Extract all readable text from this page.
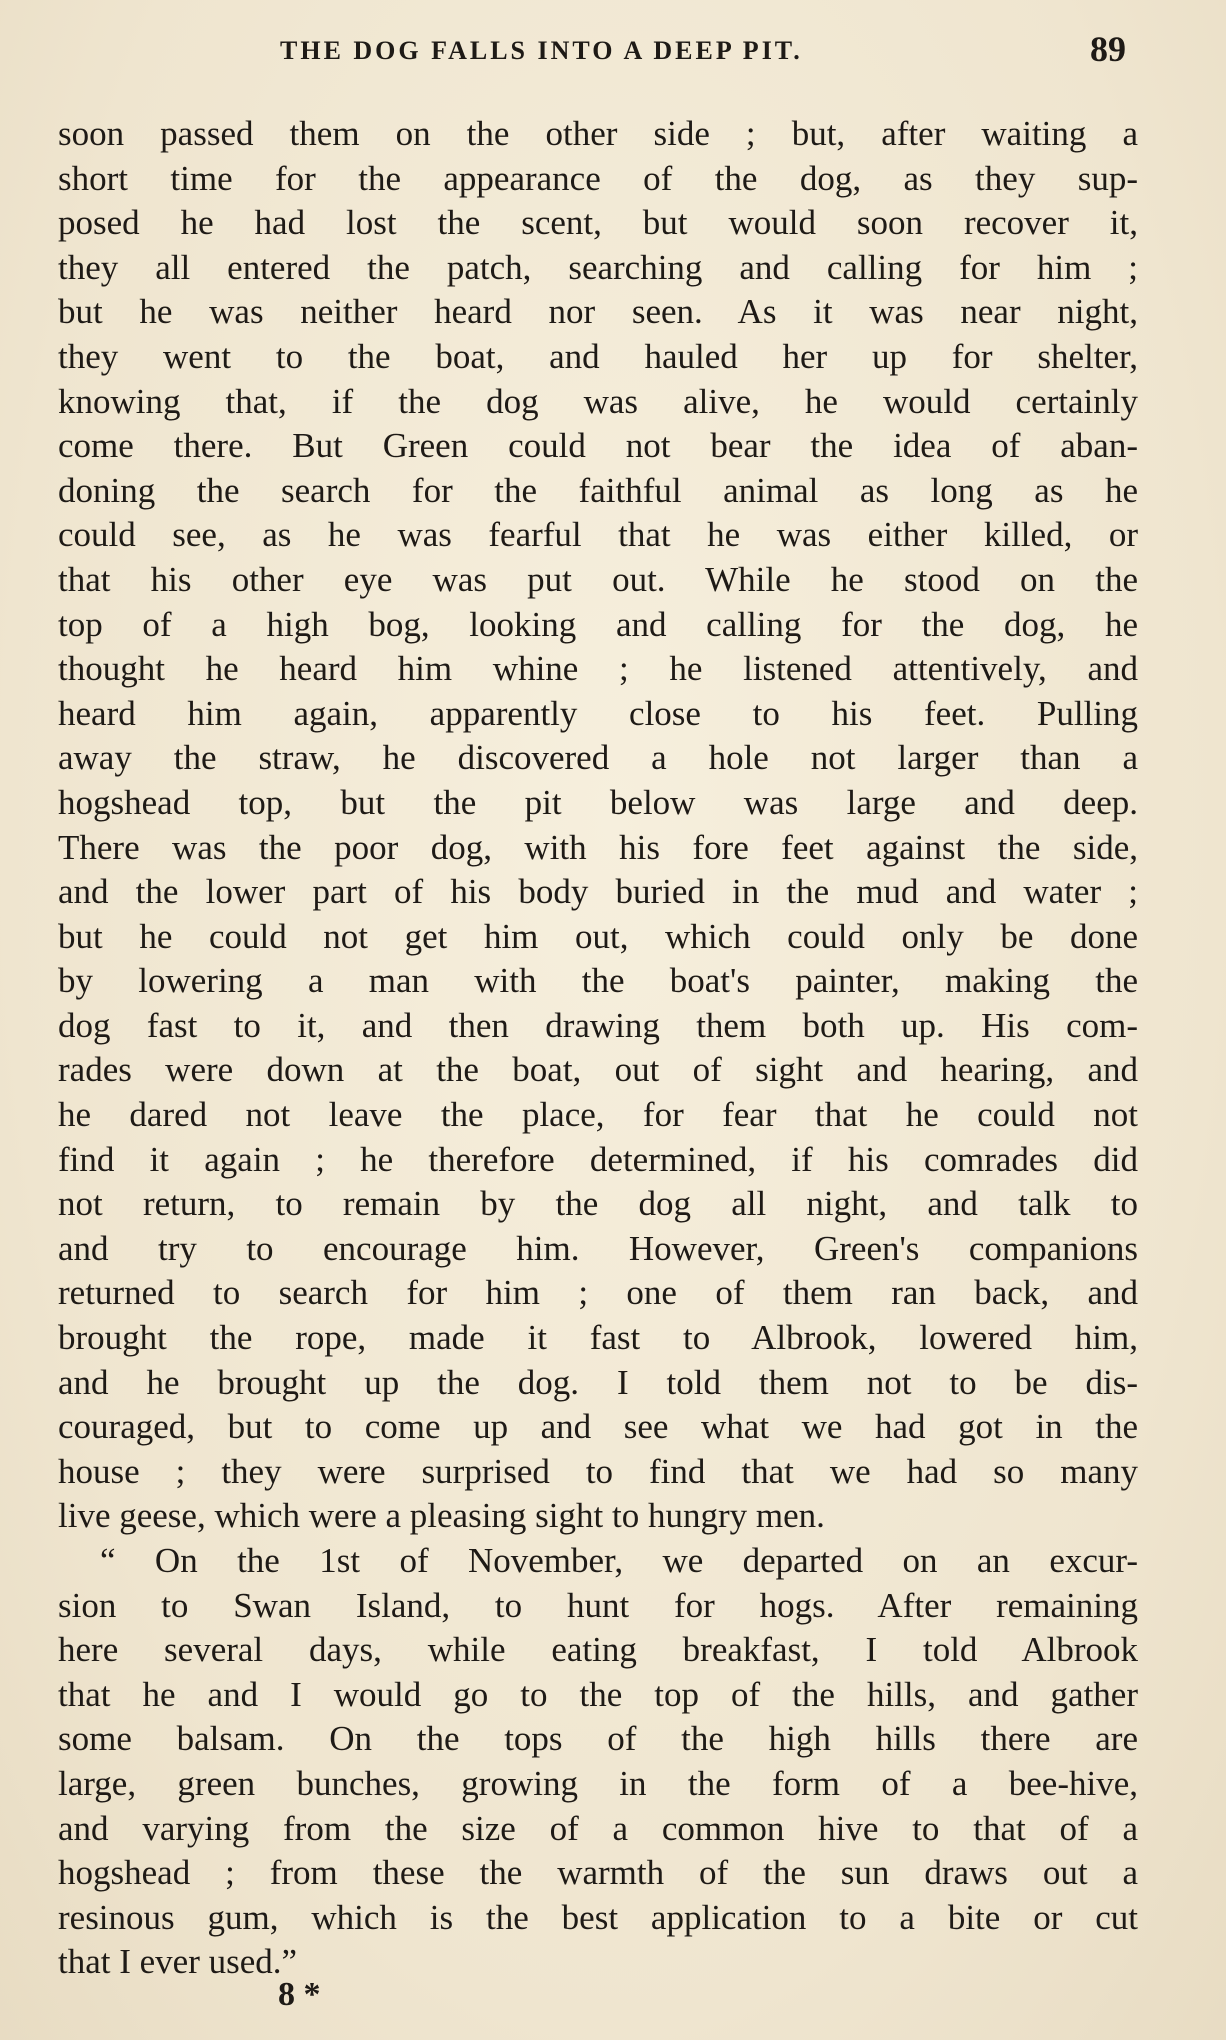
THE DOG FALLS INTO A DEEP PIT.	89
soon passed them on the other side ; but, after waiting a
short time for the appearance of the dog, as they sup-
posed he had lost the scent, but would soon recover it,
they all entered the patch, searching and calling for him ;
but he was neither heard nor seen. As it was near night,
they went to the boat, and hauled her up for shelter,
knowing that, if the dog was alive, he would certainly
come there. But Green could not bear the idea of aban-
doning the search for the faithful animal as long as he
could see, as he was fearful that he was either killed, or
that his other eye was put out. While he stood on the
top of a high bog, looking and calling for the dog, he
thought he heard him whine ; he listened attentively, and
heard him again, apparently close to his feet. Pulling
away the straw, he discovered a hole not larger than a
hogshead top, but the pit below was large and deep.
There was the poor dog, with his fore feet against the side,
and the lower part of his body buried in the mud and water ;
but he could not get him out, which could only be done
by lowering a man with the boat's painter, making the
dog fast to it, and then drawing them both up. His com-
rades were down at the boat, out of sight and hearing, and
he dared not leave the place, for fear that he could not
find it again ; he therefore determined, if his comrades did
not return, to remain by the dog all night, and talk to
and try to encourage him. However, Green's companions
returned to search for him ; one of them ran back, and
brought the rope, made it fast to Albrook, lowered him,
and he brought up the dog. I told them not to be dis-
couraged, but to come up and see what we had got in the
house ; they were surprised to find that we had so many
live geese, which were a pleasing sight to hungry men.
“ On the 1st of November, we departed on an excur-
sion to Swan Island, to hunt for hogs. After remaining
here several days, while eating breakfast, I told Albrook
that he and I would go to the top of the hills, and gather
some balsam. On the tops of the high hills there are
large, green bunches, growing in the form of a bee-hive,
and varying from the size of a common hive to that of a
hogshead ; from these the warmth of the sun draws out a
resinous gum, which is the best application to a bite or cut
that I ever used.”
8 *
